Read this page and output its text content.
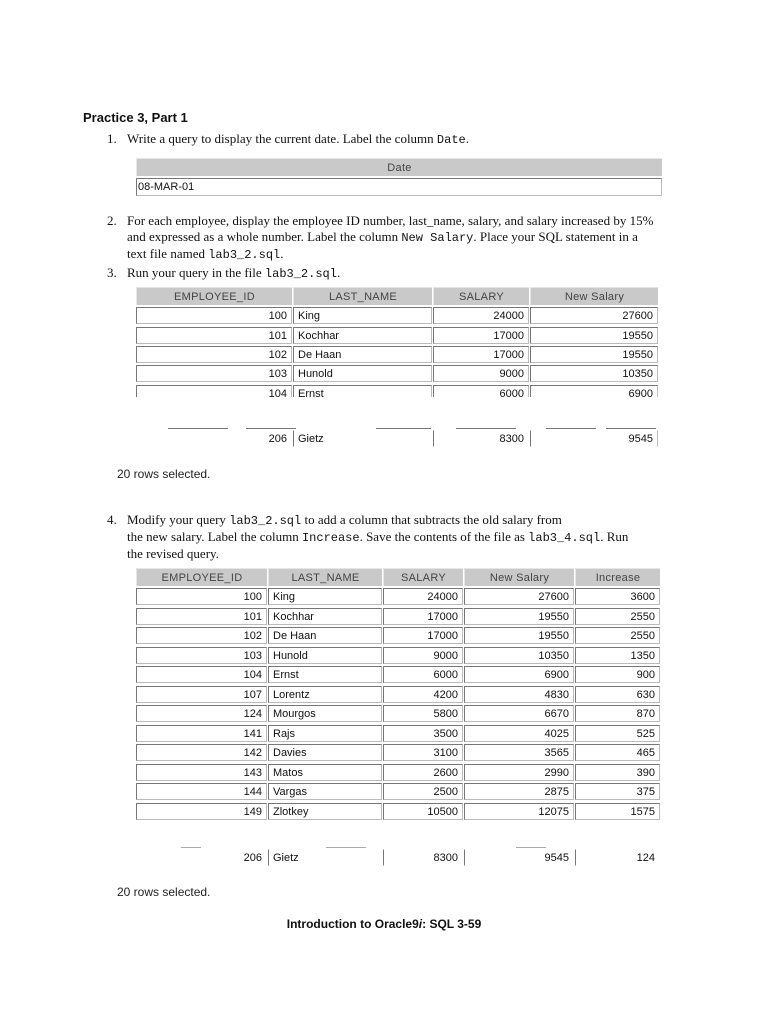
Practice 3, Part 1
1. Write a query to display the current date. Label the column Date.
Date
08-MAR-01
2. For each employee, display the employee ID number, last_name, salary, and salary increased by 15%
and expressed as a whole number. Label the column New Salary. Place your SQL statement in a
text file named lab3_2.sql.
3. Run your query in the file lab3_2.sql.
EMPLOYEE_ID	LAST_NAME	SALARY	New Salary
100	King	24000	27600
101	Kochhar	17000	19550
102	De Haan	17000	19550
103	Hunold	9000	10350
104	Ernst	6000	6900
206	Gietz	8300	9545
20 rows selected.
4. Modify your query lab3_2.sql to add a column that subtracts the old salary from
the new salary. Label the column Increase. Save the contents of the file as lab3_4.sql. Run
the revised query.
EMPLOYEE_ID	LAST_NAME	SALARY	New Salary	Increase
100	King	24000	27600	3600
101	Kochhar	17000	19550	2550
102	De Haan	17000	19550	2550
103	Hunold	9000	10350	1350
104	Ernst	6000	6900	900
107	Lorentz	4200	4830	630
124	Mourgos	5800	6670	870
141	Rajs	3500	4025	525
142	Davies	3100	3565	465
143	Matos	2600	2990	390
144	Vargas	2500	2875	375
149	Zlotkey	10500	12075	1575
206	Gietz	8300	9545	124
20 rows selected.
Introduction to Oracle9i: SQL 3-59
